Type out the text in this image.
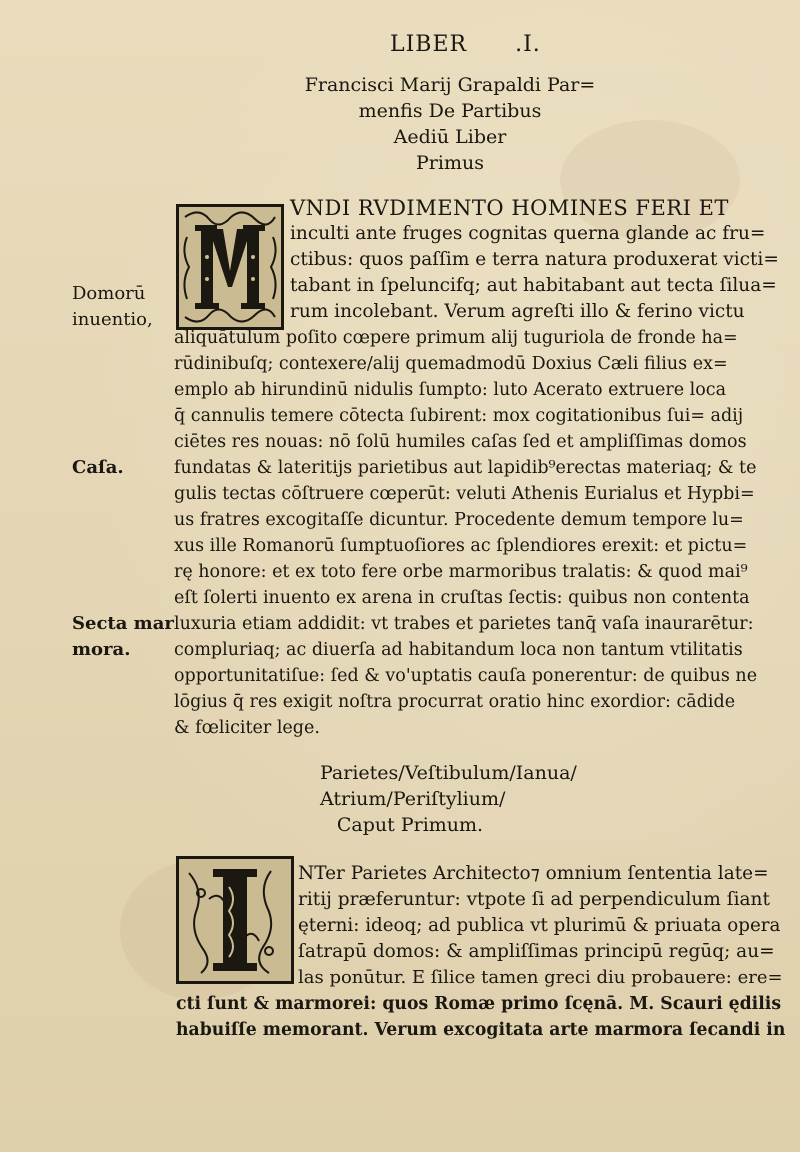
LIBER .I.
Francisci Marij Grapaldi Par=
menfis De Partibus
Aediū Liber
Primus
VNDI RVDIMENTO HOMINES FERI ET
inculti ante fruges cognitas querna glande ac fru=
ctibus: quos paſſim e terra natura produxerat victi=
tabant in ſpeluncifq; aut habitabant aut tecta ſilua=
rum incolebant. Verum agreſti illo & ferino victu
aliquātulum poſito cœpere primum alij tuguriola de fronde ha=
rūdinibuſq; contexere/alij quemadmodū Doxius Cæli filius ex=
emplo ab hirundinū nidulis ſumpto: luto Acerato extruere loca
q̄ cannulis temere cōtecta ſubirent: mox cogitationibus ſui= adij
ciētes res nouas: nō ſolū humiles caſas ſed et ampliſſimas domos
fundatas & lateritijs parietibus aut lapidib⁹erectas materiaq; & te
gulis tectas cōſtruere cœperūt: veluti Athenis Eurialus et Hypbi=
us fratres excogitaſſe dicuntur. Procedente demum tempore lu=
xus ille Romanorū ſumptuoſiores ac ſplendiores erexit: et pictu=
rę honore: et ex toto fere orbe marmoribus tralatis: & quod mai⁹
eſt ſolerti inuento ex arena in cruſtas ſectis: quibus non contenta
luxuria etiam addidit: vt trabes et parietes tanq̄ vaſa inaurarētur:
compluriaq; ac diuerſa ad habitandum loca non tantum vtilitatis
opportunitatiſue: ſed & vo'uptatis cauſa ponerentur: de quibus ne
lōgius q̄ res exigit noſtra procurrat oratio hinc exordior: cādide
& fœliciter lege.
Domorū
inuentio,
Caſa.
Secta mar
mora.
Parietes/Veſtibulum/Ianua/
Atrium/Periſtylium/
Caput Primum.
NTer Parietes Architecto⁊ omnium ſententia late=
ritij præferuntur: vtpote ſi ad perpendiculum ſiant
ęterni: ideoq; ad publica vt plurimū & priuata opera
ſatrapū domos: & ampliſſimas principū regūq; au=
las ponūtur. E ſilice tamen greci diu probauere: ere=
cti ſunt & marmorei: quos Romæ primo ſcęnā. M. Scauri ędilis
habuiſſe memorant. Verum excogitata arte marmora ſecandi in
